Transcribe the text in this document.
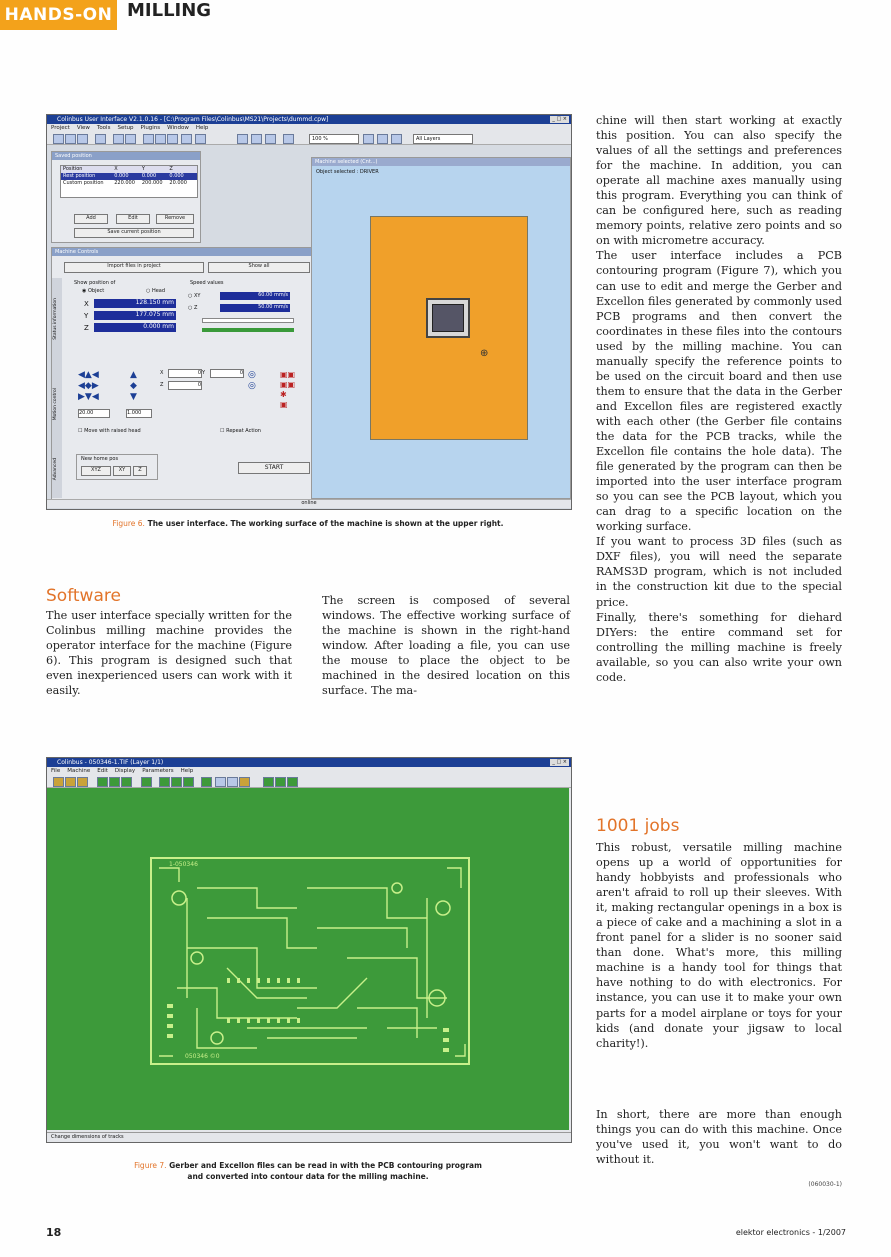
HANDS-ON MILLING
Colinbus User Interface V2.1.0.16 - [C:\Program Files\Colinbus\MS21\Projects\dummd.cpw]	_ □ ×
Project View Tools Setup Plugins Window Help
100 %	All Layers
Saved position
Position	X	Y	Z
Rest position	0.000	0.000	0.000
Custom position	220.000	200.000	20.000
Add	Edit	Remove
Save current position
Machine Controls
Import files in project	Show all
Status information
Motion control
Advanced
Show position of
◉ Object	○ Head
X	128.150 mm
Y	177.075 mm
Z	0.000 mm
Speed values
○ XY	60.00 mm/s
○ Z	50.00 mm/s
◀▲◀
◀◆▶
▶▼◀
▲
◆
▼
20.00	1.000
X	0 Y	0
Z	0
◎
◎
▣▣
▣▣
✱
▣
☐ Move with raised head	☐ Repeat Action
New home pos
XYZ	XY	Z	START
Machine selected (Cnt...)
Object selected : DRIVER
⊕
online
Figure 6. The user interface. The working surface of the machine is shown at the upper right.
Software

The user interface specially written for the Colinbus milling machine provides the operator interface for the machine (Figure 6). This program is designed such that even inexperienced users can work with it easily.

The screen is composed of several windows. The effective working surface of the machine is shown in the right-hand window. After loading a file, you can use the mouse to place the object to be machined in the desired location on this surface. The ma-

Colinbus - 050346-1.TIF (Layer 1/1)	_ □ ×
File Machine Edit Display Parameters Help
1-050346
050346 ©0
Change dimensions of tracks
Figure 7. Gerber and Excellon files can be read in with the PCB contouring program
and converted into contour data for the milling machine.

chine will then start working at exactly this position. You can also specify the values of all the settings and preferences for the machine. In addition, you can operate all machine axes manually using this program. Everything you can think of can be configured here, such as reading memory points, relative zero points and so on with micrometre accuracy.

The user interface includes a PCB contouring program (Figure 7), which you can use to edit and merge the Gerber and Excellon files generated by commonly used PCB programs and then convert the coordinates in these files into the contours used by the milling machine. You can manually specify the reference points to be used on the circuit board and then use them to ensure that the data in the Gerber and Excellon files are registered exactly with each other (the Gerber file contains the data for the PCB tracks, while the Excellon file contains the hole data). The file generated by the program can then be imported into the user interface program so you can see the PCB layout, which you can drag to a specific location on the working surface.

If you want to process 3D files (such as DXF files), you will need the separate RAMS3D program, which is not included in the construction kit due to the special price.

Finally, there's something for diehard DIYers: the entire command set for controlling the milling machine is freely available, so you can also write your own code.

1001 jobs

This robust, versatile milling machine opens up a world of opportunities for handy hobbyists and professionals who aren't afraid to roll up their sleeves. With it, making rectangular openings in a box is a piece of cake and a machining a slot in a front panel for a slider is no sooner said than done. What's more, this milling machine is a handy tool for things that have nothing to do with electronics. For instance, you can use it to make your own parts for a model airplane or toys for your kids (and donate your jigsaw to local charity!).

In short, there are more than enough things you can do with this machine. Once you've used it, you won't want to do without it.

(060030-1)
18	elektor electronics - 1/2007
